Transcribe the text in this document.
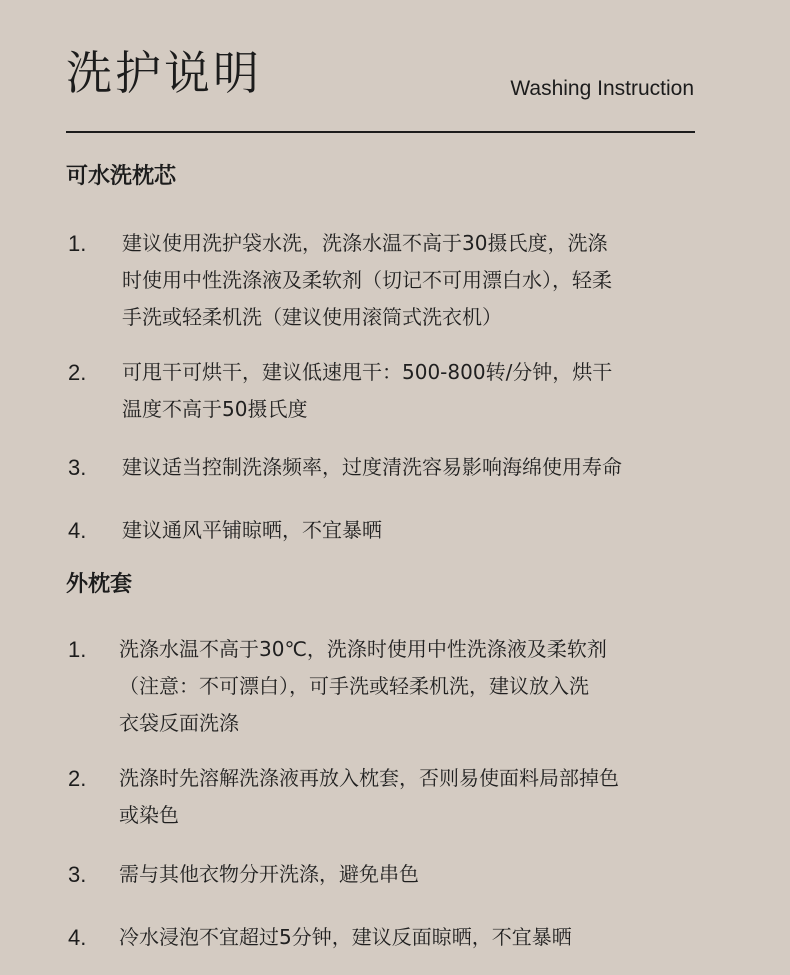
洗护说明	Washing Instruction
可水洗枕芯
1. 建议使用洗护袋水洗，洗涤水温不高于30摄氏度，洗涤
时使用中性洗涤液及柔软剂（切记不可用漂白水），轻柔
手洗或轻柔机洗（建议使用滚筒式洗衣机）
2. 可甩干可烘干，建议低速甩干：500-800转/分钟，烘干
温度不高于50摄氏度
3. 建议适当控制洗涤频率，过度清洗容易影响海绵使用寿命
4. 建议通风平铺晾晒，不宜暴晒
外枕套
1. 洗涤水温不高于30℃，洗涤时使用中性洗涤液及柔软剂
（注意：不可漂白），可手洗或轻柔机洗，建议放入洗
衣袋反面洗涤
2. 洗涤时先溶解洗涤液再放入枕套，否则易使面料局部掉色
或染色
3. 需与其他衣物分开洗涤，避免串色
4. 冷水浸泡不宜超过5分钟，建议反面晾晒，不宜暴晒
